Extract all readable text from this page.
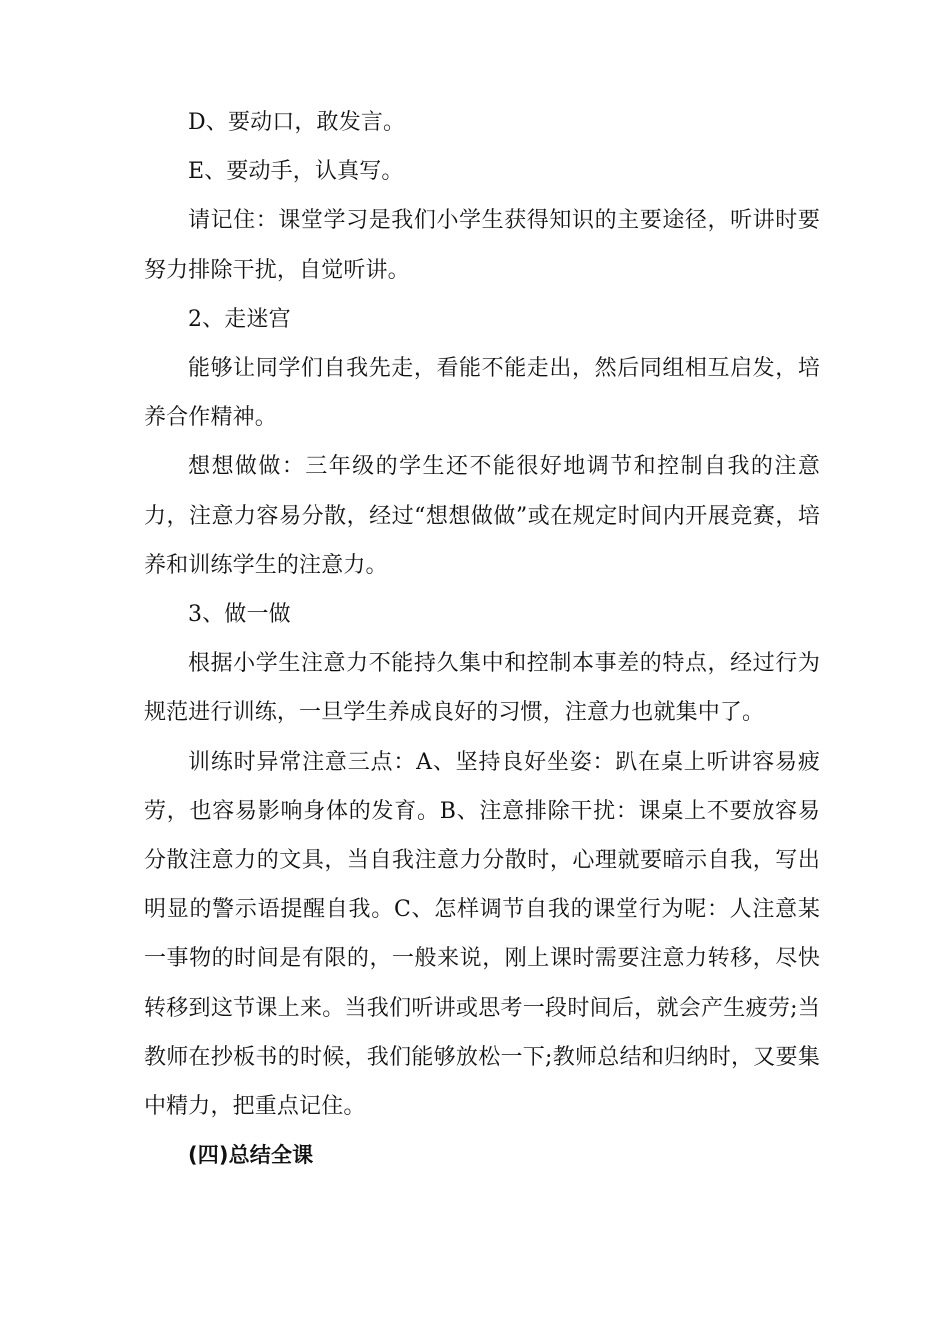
D、要动口，敢发言。

E、要动手，认真写。

请记住：课堂学习是我们小学生获得知识的主要途径，听讲时要努力排除干扰，自觉听讲。

2、走迷宫

能够让同学们自我先走，看能不能走出，然后同组相互启发，培养合作精神。

想想做做：三年级的学生还不能很好地调节和控制自我的注意力，注意力容易分散，经过“想想做做”或在规定时间内开展竞赛，培养和训练学生的注意力。

3、做一做

根据小学生注意力不能持久集中和控制本事差的特点，经过行为规范进行训练，一旦学生养成良好的习惯，注意力也就集中了。

训练时异常注意三点：A、坚持良好坐姿：趴在桌上听讲容易疲劳，也容易影响身体的发育。B、注意排除干扰：课桌上不要放容易分散注意力的文具，当自我注意力分散时，心理就要暗示自我，写出明显的警示语提醒自我。C、怎样调节自我的课堂行为呢：人注意某一事物的时间是有限的，一般来说，刚上课时需要注意力转移，尽快转移到这节课上来。当我们听讲或思考一段时间后，就会产生疲劳;当教师在抄板书的时候，我们能够放松一下;教师总结和归纳时，又要集中精力，把重点记住。

(四)总结全课
